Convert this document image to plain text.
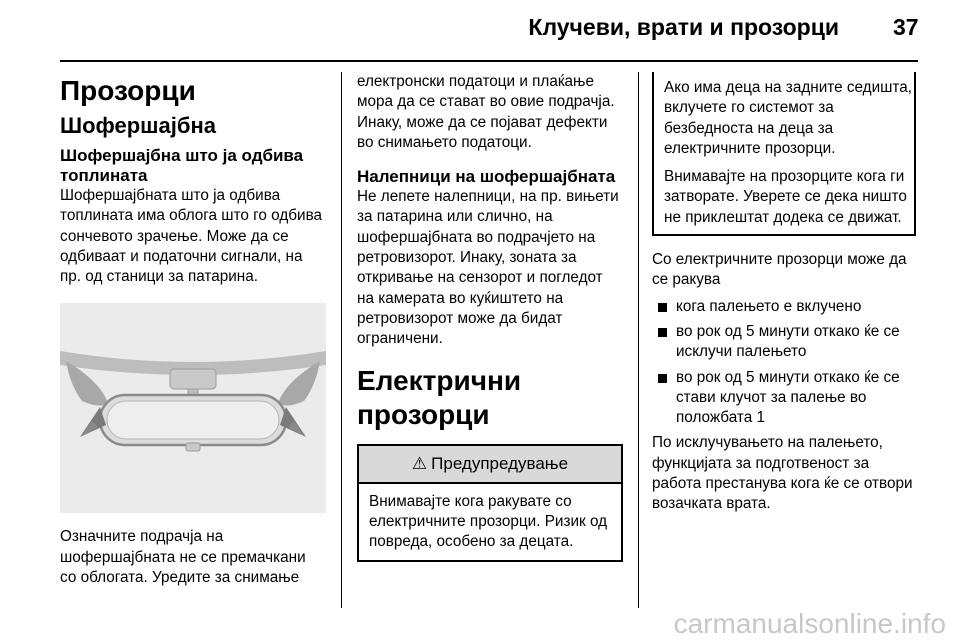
Клучеви, врати и прозорци 37
Прозорци
Шофершајбна
Шофершајбна што ја одбива топлината

Шофершајбната што ја одбива топлината има облога што го одбива сончевото зрачење. Може да се одбиваат и податочни сигнали, на пр. од станици за патарина.

Означните подрачја на шофершајбната не се премачкани со облогата. Уредите за снимање

електронски податоци и плаќање мора да се стават во овие подрачја. Инаку, може да се појават дефекти во снимањето податоци.

Налепници на шофершајбната

Не лепете налепници, на пр. вињети за патарина или слично, на шофершајбната во подрачјето на ретровизорот. Инаку, зоната за откривање на сензорот и погледот на камерата во куќиштето на ретровизорот може да бидат ограничени.

Електрични прозорци
⚠ Предупредување

Внимавајте кога ракувате со електричните прозорци. Ризик од повреда, особено за децата.

Ако има деца на задните седишта, вклучете го системот за безбедноста на деца за електричните прозорци.

Внимавајте на прозорците кога ги затворате. Уверете се дека ништо не приклештат додека се движат.

Со електричните прозорци може да се ракува

кога палењето е вклучено
во рок од 5 минути откако ќе се исклучи палењето
во рок од 5 минути откако ќе се стави клучот за палење во положбата 1

По исклучувањето на палењето, функцијата за подготвеност за работа престанува кога ќе се отвори возачката врата.

carmanualsonline.info
